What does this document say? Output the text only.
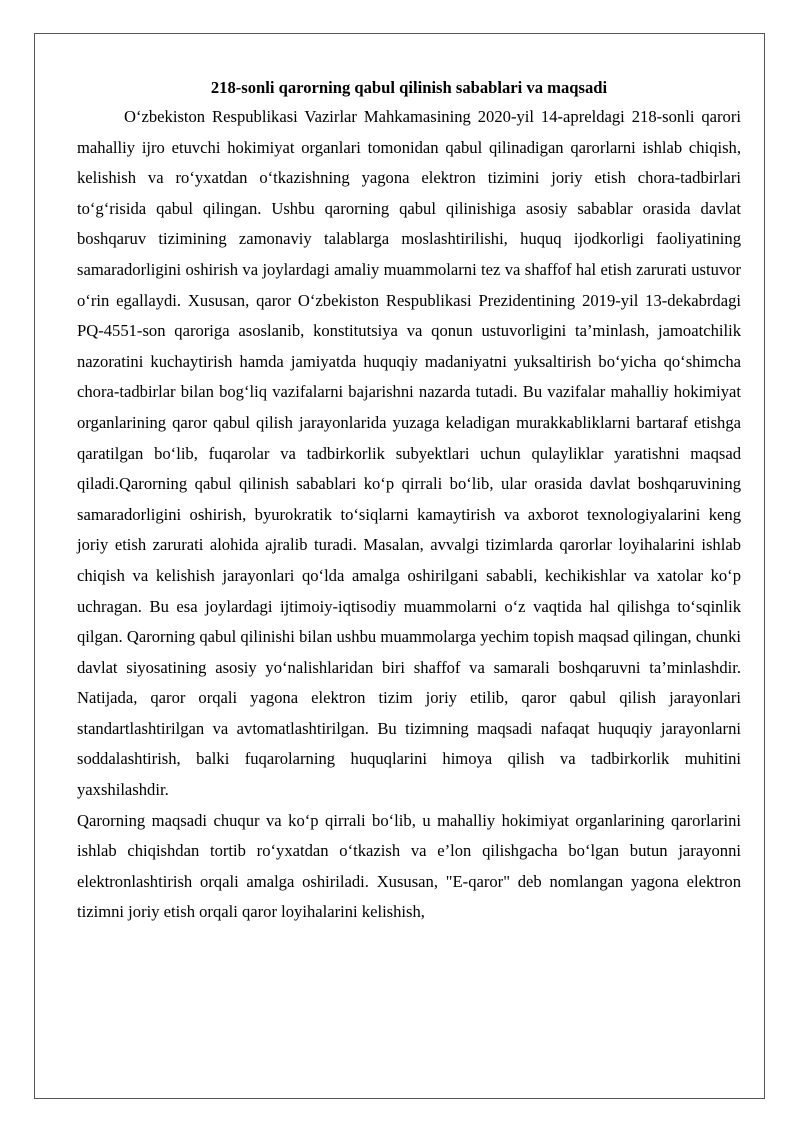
218-sonli qarorning qabul qilinish sabablari va maqsadi

O‘zbekiston Respublikasi Vazirlar Mahkamasining 2020-yil 14-apreldagi 218-sonli qarori mahalliy ijro etuvchi hokimiyat organlari tomonidan qabul qilinadigan qarorlarni ishlab chiqish, kelishish va ro‘yxatdan o‘tkazishning yagona elektron tizimini joriy etish chora-tadbirlari to‘g‘risida qabul qilingan. Ushbu qarorning qabul qilinishiga asosiy sabablar orasida davlat boshqaruv tizimining zamonaviy talablarga moslashtirilishi, huquq ijodkorligi faoliyatining samaradorligini oshirish va joylardagi amaliy muammolarni tez va shaffof hal etish zarurati ustuvor o‘rin egallaydi. Xususan, qaror O‘zbekiston Respublikasi Prezidentining 2019-yil 13-dekabrdagi PQ-4551-son qaroriga asoslanib, konstitutsiya va qonun ustuvorligini ta’minlash, jamoatchilik nazoratini kuchaytirish hamda jamiyatda huquqiy madaniyatni yuksaltirish bo‘yicha qo‘shimcha chora-tadbirlar bilan bog‘liq vazifalarni bajarishni nazarda tutadi. Bu vazifalar mahalliy hokimiyat organlarining qaror qabul qilish jarayonlarida yuzaga keladigan murakkabliklarni bartaraf etishga qaratilgan bo‘lib, fuqarolar va tadbirkorlik subyektlari uchun qulayliklar yaratishni maqsad qiladi.Qarorning qabul qilinish sabablari ko‘p qirrali bo‘lib, ular orasida davlat boshqaruvining samaradorligini oshirish, byurokratik to‘siqlarni kamaytirish va axborot texnologiyalarini keng joriy etish zarurati alohida ajralib turadi. Masalan, avvalgi tizimlarda qarorlar loyihalarini ishlab chiqish va kelishish jarayonlari qo‘lda amalga oshirilgani sababli, kechikishlar va xatolar ko‘p uchragan. Bu esa joylardagi ijtimoiy-iqtisodiy muammolarni o‘z vaqtida hal qilishga to‘sqinlik qilgan. Qarorning qabul qilinishi bilan ushbu muammolarga yechim topish maqsad qilingan, chunki davlat siyosatining asosiy yo‘nalishlaridan biri shaffof va samarali boshqaruvni ta’minlashdir. Natijada, qaror orqali yagona elektron tizim joriy etilib, qaror qabul qilish jarayonlari standartlashtirilgan va avtomatlashtirilgan. Bu tizimning maqsadi nafaqat huquqiy jarayonlarni soddalashtirish, balki fuqarolarning huquqlarini himoya qilish va tadbirkorlik muhitini yaxshilashdir.

Qarorning maqsadi chuqur va ko‘p qirrali bo‘lib, u mahalliy hokimiyat organlarining qarorlarini ishlab chiqishdan tortib ro‘yxatdan o‘tkazish va e’lon qilishgacha bo‘lgan butun jarayonni elektronlashtirish orqali amalga oshiriladi. Xususan, "E-qaror" deb nomlangan yagona elektron tizimni joriy etish orqali qaror loyihalarini kelishish,
